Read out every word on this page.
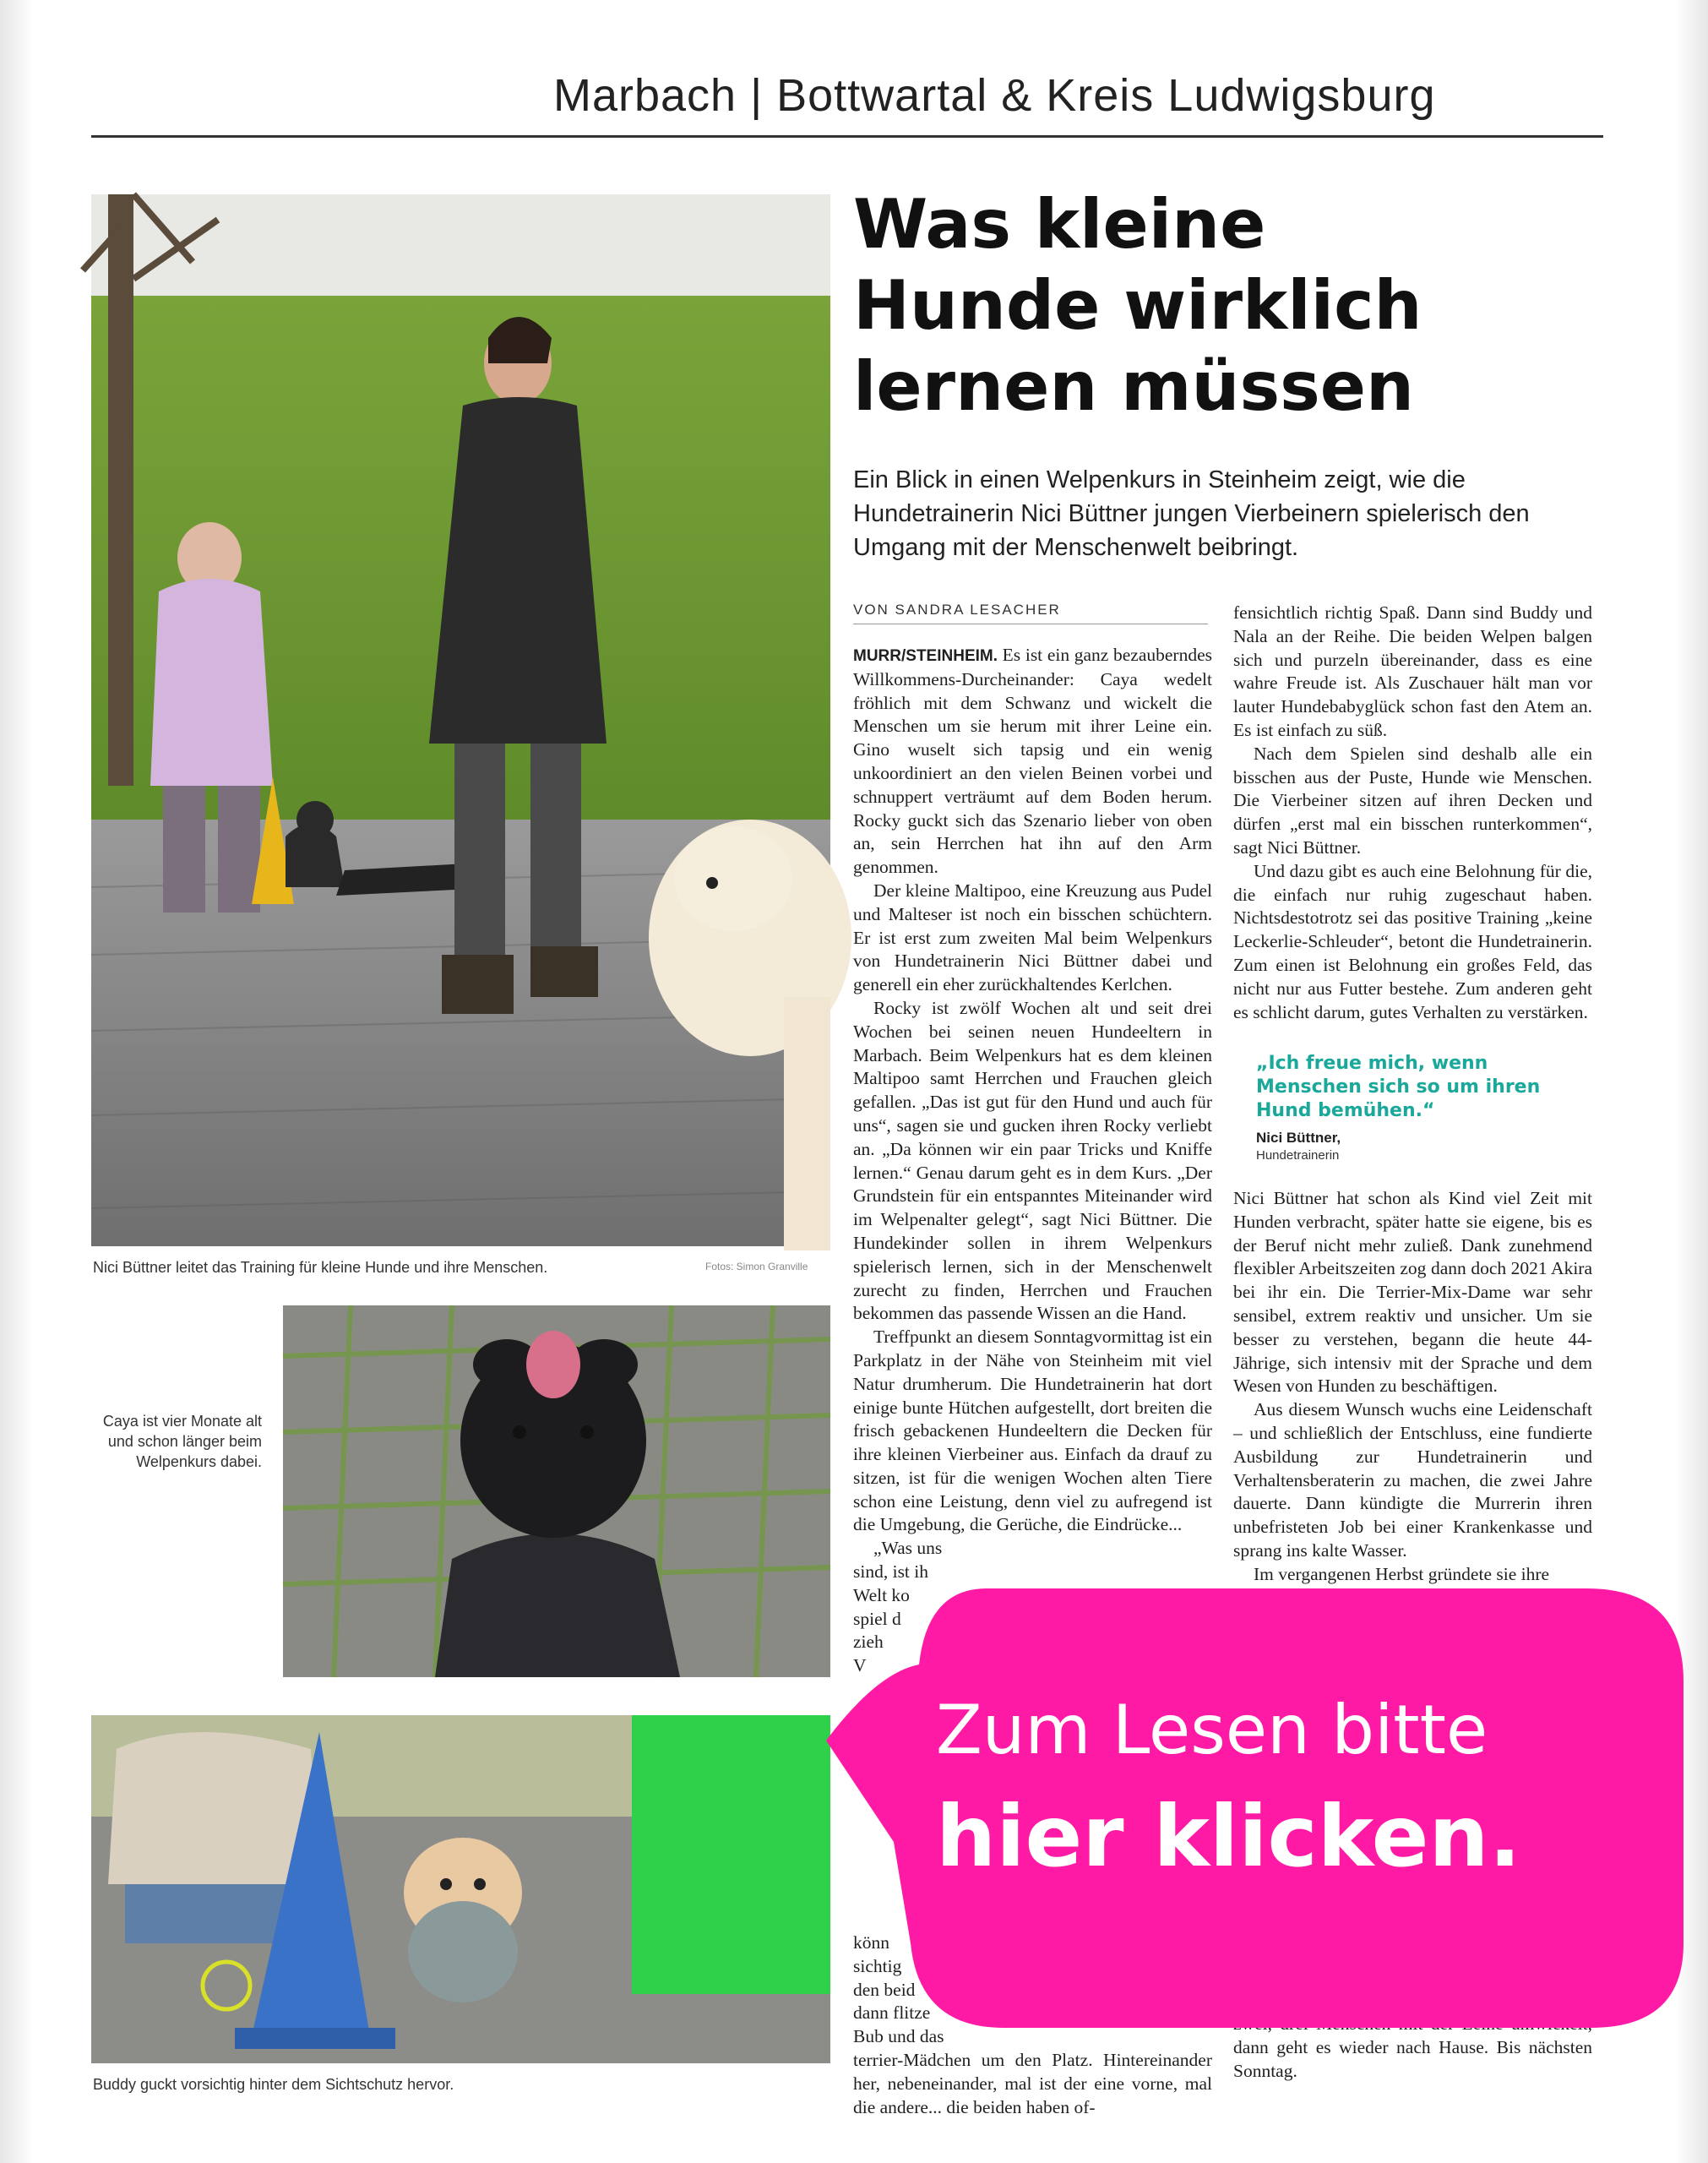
Marbach | Bottwartal & Kreis Ludwigsburg
Nici Büttner leitet das Training für kleine Hunde und ihre Menschen.	Fotos: Simon Granville
Caya ist vier Monate alt und schon länger beim Welpenkurs dabei.
Buddy guckt vorsichtig hinter dem Sichtschutz hervor.
Was kleine
Hunde wirklich
lernen müssen
Ein Blick in einen Welpenkurs in Steinheim zeigt, wie die Hundetrainerin Nici Büttner jungen Vierbeinern spielerisch den Umgang mit der Menschenwelt beibringt.
VON SANDRA LESACHER

MURR/STEINHEIM. Es ist ein ganz bezauberndes Willkommens-Durcheinander: Caya wedelt fröhlich mit dem Schwanz und wickelt die Menschen um sie herum mit ihrer Leine ein. Gino wuselt sich tapsig und ein wenig unkoordiniert an den vielen Beinen vorbei und schnuppert verträumt auf dem Boden herum. Rocky guckt sich das Szenario lieber von oben an, sein Herrchen hat ihn auf den Arm genommen.

Der kleine Maltipoo, eine Kreuzung aus Pudel und Malteser ist noch ein bisschen schüchtern. Er ist erst zum zweiten Mal beim Welpenkurs von Hundetrainerin Nici Büttner dabei und generell ein eher zurückhaltendes Kerlchen.

Rocky ist zwölf Wochen alt und seit drei Wochen bei seinen neuen Hundeeltern in Marbach. Beim Welpenkurs hat es dem kleinen Maltipoo samt Herrchen und Frauchen gleich gefallen. „Das ist gut für den Hund und auch für uns“, sagen sie und gucken ihren Rocky verliebt an. „Da können wir ein paar Tricks und Kniffe lernen.“ Genau darum geht es in dem Kurs. „Der Grundstein für ein entspanntes Miteinander wird im Welpenalter gelegt“, sagt Nici Büttner. Die Hundekinder sollen in ihrem Welpenkurs spielerisch lernen, sich in der Menschenwelt zurecht zu finden, Herrchen und Frauchen bekommen das passende Wissen an die Hand.

Treffpunkt an diesem Sonntagvormittag ist ein Parkplatz in der Nähe von Steinheim mit viel Natur drumherum. Die Hundetrainerin hat dort einige bunte Hütchen aufgestellt, dort breiten die frisch gebackenen Hundeeltern die Decken für ihre kleinen Vierbeiner aus. Einfach da drauf zu sitzen, ist für die wenigen Wochen alten Tiere schon eine Leistung, denn viel zu aufregend ist die Umgebung, die Gerüche, die Eindrücke...

„Was uns

sind, ist ih

Welt ko

spiel d

zieh

V

könn

sichtig

den beid

dann flitze

Bub und das

terrier-Mädchen um den Platz. Hintereinander her, nebeneinander, mal ist der eine vorne, mal die andere... die beiden haben of-

fensichtlich richtig Spaß. Dann sind Buddy und Nala an der Reihe. Die beiden Welpen balgen sich und purzeln übereinander, dass es eine wahre Freude ist. Als Zuschauer hält man vor lauter Hundebabyglück schon fast den Atem an. Es ist einfach zu süß.

Nach dem Spielen sind deshalb alle ein bisschen aus der Puste, Hunde wie Menschen. Die Vierbeiner sitzen auf ihren Decken und dürfen „erst mal ein bisschen runterkommen“, sagt Nici Büttner.

Und dazu gibt es auch eine Belohnung für die, die einfach nur ruhig zugeschaut haben. Nichtsdestotrotz sei das positive Training „keine Leckerlie-Schleuder“, betont die Hundetrainerin. Zum einen ist Belohnung ein großes Feld, das nicht nur aus Futter bestehe. Zum anderen geht es schlicht darum, gutes Verhalten zu verstärken.

„Ich freue mich, wenn Menschen sich so um ihren Hund bemühen.“
Nici Büttner,
Hundetrainerin

Nici Büttner hat schon als Kind viel Zeit mit Hunden verbracht, später hatte sie eigene, bis es der Beruf nicht mehr zuließ. Dank zunehmend flexibler Arbeitszeiten zog dann doch 2021 Akira bei ihr ein. Die Terrier-Mix-Dame war sehr sensibel, extrem reaktiv und unsicher. Um sie besser zu verstehen, begann die heute 44-Jährige, sich intensiv mit der Sprache und dem Wesen von Hunden zu beschäftigen.

Aus diesem Wunsch wuchs eine Leidenschaft – und schließlich der Entschluss, eine fundierte Ausbildung zur Hundetrainerin und Verhaltensberaterin zu machen, die zwei Jahre dauerte. Dann kündigte die Murrerin ihren unbefristeten Job bei einer Krankenkasse und sprang ins kalte Wasser.

Im vergangenen Herbst gründete sie ihre

dann geht es wieder nach Hause. Bis nächsten Sonntag.

Zum Lesen bitte
hier klicken.
